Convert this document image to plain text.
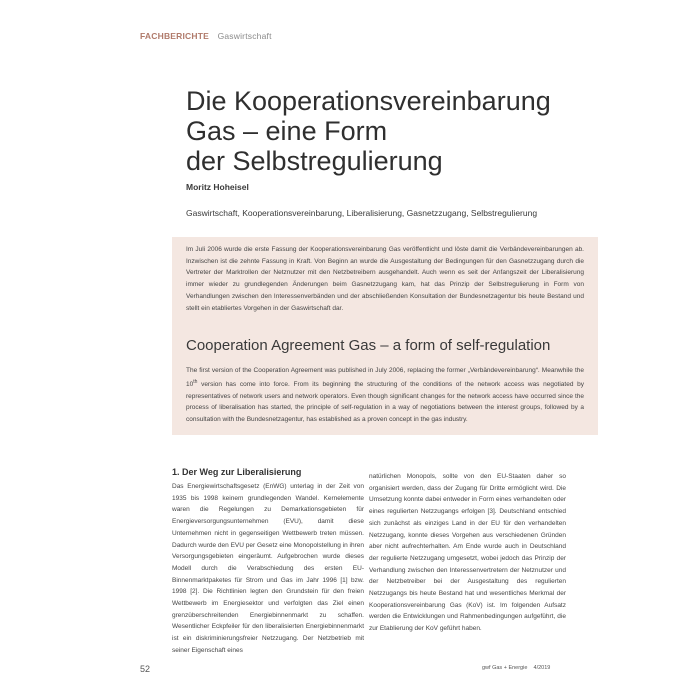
FACHBERICHTE Gaswirtschaft
Die Kooperationsvereinbarung
Gas – eine Form
der Selbstregulierung
Moritz Hoheisel
Gaswirtschaft, Kooperationsvereinbarung, Liberalisierung, Gasnetzzugang, Selbstregulierung

Im Juli 2006 wurde die erste Fassung der Kooperationsvereinbarung Gas veröffentlicht und löste damit die Verbändevereinbarungen ab. Inzwischen ist die zehnte Fassung in Kraft. Von Beginn an wurde die Ausgestaltung der Bedingungen für den Gasnetzzugang durch die Vertreter der Marktrollen der Netznutzer mit den Netzbetreibern ausgehandelt. Auch wenn es seit der Anfangszeit der Liberalisierung immer wieder zu grundlegenden Änderungen beim Gasnetzzugang kam, hat das Prinzip der Selbstregulierung in Form von Verhandlungen zwischen den Interessenverbänden und der abschließenden Konsultation der Bundesnetzagentur bis heute Bestand und stellt ein etabliertes Vorgehen in der Gaswirtschaft dar.

Cooperation Agreement Gas – a form of self-regulation

The first version of the Cooperation Agreement was published in July 2006, replacing the former „Verbändevereinbarung“. Meanwhile the 10th version has come into force. From its beginning the structuring of the conditions of the network access was negotiated by representatives of network users and network operators. Even though significant changes for the network access have occurred since the process of liberalisation has started, the principle of self-regulation in a way of negotiations between the interest groups, followed by a consultation with the Bundesnetzagentur, has established as a proven concept in the gas industry.

1. Der Weg zur Liberalisierung

Das Energiewirtschaftsgesetz (EnWG) unterlag in der Zeit von 1935 bis 1998 keinem grundlegenden Wandel. Kernelemente waren die Regelungen zu Demarkationsgebieten für Energieversorgungsunternehmen (EVU), damit diese Unternehmen nicht in gegenseitigen Wettbewerb treten müssen. Dadurch wurde den EVU per Gesetz eine Monopolstellung in ihren Versorgungsgebieten eingeräumt. Aufgebrochen wurde dieses Modell durch die Verabschiedung des ersten EU-Binnenmarktpaketes für Strom und Gas im Jahr 1996 [1] bzw. 1998 [2]. Die Richtlinien legten den Grundstein für den freien Wettbewerb im Energiesektor und verfolgten das Ziel einen grenzüberschreitenden Energiebinnenmarkt zu schaffen. Wesentlicher Eckpfeiler für den liberalisierten Energiebinnenmarkt ist ein diskriminierungsfreier Netzzugang. Der Netzbetrieb mit seiner Eigenschaft eines

natürlichen Monopols, sollte von den EU-Staaten daher so organisiert werden, dass der Zugang für Dritte ermöglicht wird. Die Umsetzung konnte dabei entweder in Form eines verhandelten oder eines regulierten Netzzugangs erfolgen [3]. Deutschland entschied sich zunächst als einziges Land in der EU für den verhandelten Netzzugang, konnte dieses Vorgehen aus verschiedenen Gründen aber nicht aufrechterhalten. Am Ende wurde auch in Deutschland der regulierte Netzzugang umgesetzt, wobei jedoch das Prinzip der Verhandlung zwischen den Interessenvertretern der Netznutzer und der Netzbetreiber bei der Ausgestaltung des regulierten Netzzugangs bis heute Bestand hat und wesentliches Merkmal der Kooperationsvereinbarung Gas (KoV) ist. Im folgenden Aufsatz werden die Entwicklungen und Rahmenbedingungen aufgeführt, die zur Etablierung der KoV geführt haben.

52	gwf Gas + Energie 4/2019
